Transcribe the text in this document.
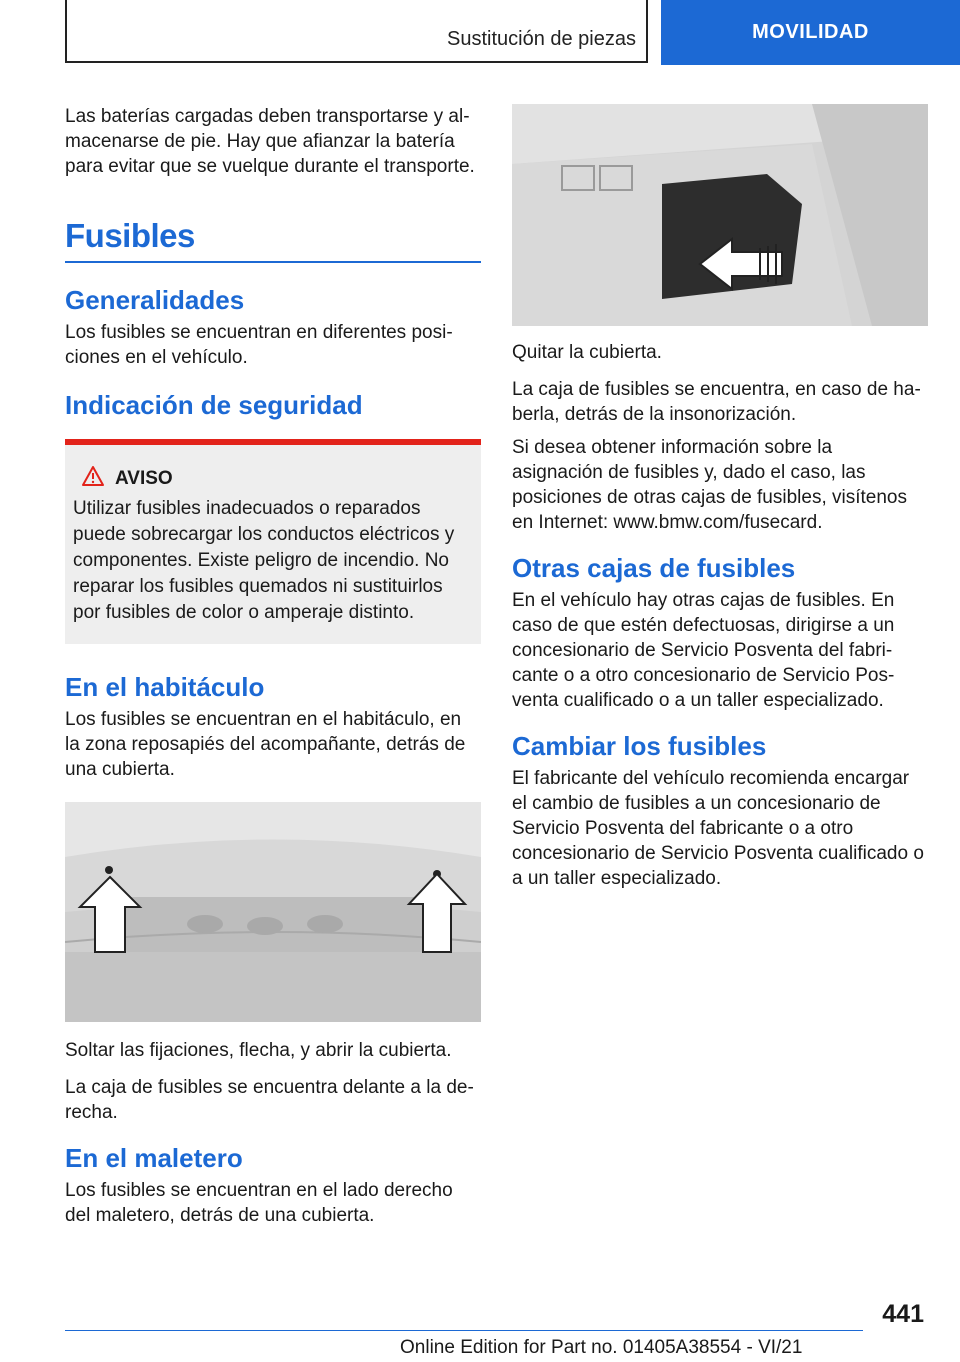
Sustitución de piezas	MOVILIDAD

Las baterías cargadas deben transportarse y almacenarse de pie. Hay que afianzar la batería para evitar que se vuelque durante el transporte.

Fusibles
Generalidades

Los fusibles se encuentran en diferentes posiciones en el vehículo.

Indicación de seguridad
AVISO

Utilizar fusibles inadecuados o reparados puede sobrecargar los conductos eléctricos y componentes. Existe peligro de incendio. No reparar los fusibles quemados ni sustituirlos por fusibles de color o amperaje distinto.

En el habitáculo

Los fusibles se encuentran en el habitáculo, en la zona reposapiés del acompañante, detrás de una cubierta.

Soltar las fijaciones, flecha, y abrir la cubierta.

La caja de fusibles se encuentra delante a la derecha.

En el maletero

Los fusibles se encuentran en el lado derecho del maletero, detrás de una cubierta.

Quitar la cubierta.

La caja de fusibles se encuentra, en caso de haberla, detrás de la insonorización.

Si desea obtener información sobre la asignación de fusibles y, dado el caso, las posiciones de otras cajas de fusibles, visítenos en Internet: www.bmw.com/fusecard.

Otras cajas de fusibles

En el vehículo hay otras cajas de fusibles. En caso de que estén defectuosas, dirigirse a un concesionario de Servicio Posventa del fabricante o a otro concesionario de Servicio Posventa cualificado o a un taller especializado.

Cambiar los fusibles

El fabricante del vehículo recomienda encargar el cambio de fusibles a un concesionario de Servicio Posventa del fabricante o a otro concesionario de Servicio Posventa cualificado o a un taller especializado.

441
Online Edition for Part no. 01405A38554 - VI/21
